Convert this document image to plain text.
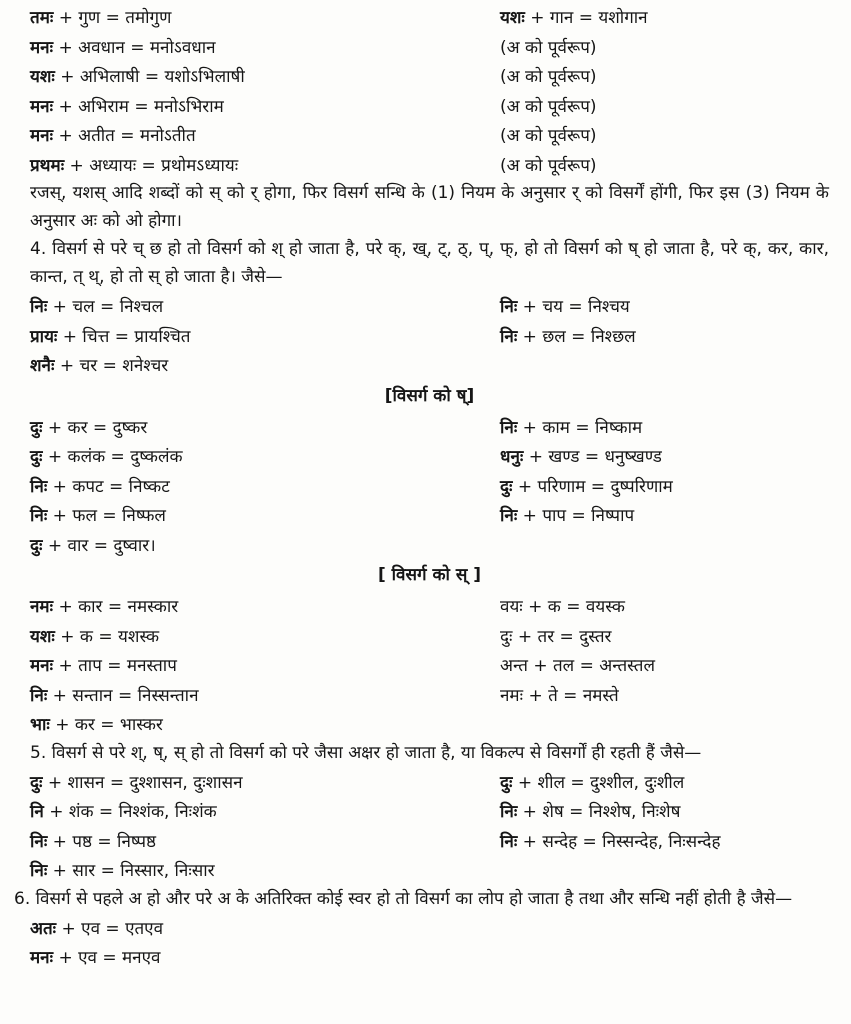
तमः + गुण = तमोगुण	यशः + गान = यशोगान
मनः + अवधान = मनोऽवधान	(अ को पूर्वरूप)
यशः + अभिलाषी = यशोऽभिलाषी	(अ को पूर्वरूप)
मनः + अभिराम = मनोऽभिराम	(अ को पूर्वरूप)
मनः + अतीत = मनोऽतीत	(अ को पूर्वरूप)
प्रथमः + अध्यायः = प्रथोमऽध्यायः	(अ को पूर्वरूप)

रजस्, यशस् आदि शब्दों को स् को र् होगा, फिर विसर्ग सन्धि के (1) नियम के अनुसार र् को विसर्गें होंगी, फिर इस (3) नियम के अनुसार अः को ओ होगा।

4. विसर्ग से परे च् छ हो तो विसर्ग को श् हो जाता है, परे क्, ख्, ट्, ठ्, प्, फ्, हो तो विसर्ग को ष् हो जाता है, परे क्, कर, कार, कान्त, त् थ्, हो तो स् हो जाता है। जैसे—

निः + चल = निश्चल	निः + चय = निश्चय
प्रायः + चित्त = प्रायश्चित	निः + छल = निश्छल
शनैः + चर = शनेश्चर
[विसर्ग को ष्]
दुः + कर = दुष्कर	निः + काम = निष्काम
दुः + कलंक = दुष्कलंक	धनुः + खण्ड = धनुष्खण्ड
निः + कपट = निष्कट	दुः + परिणाम = दुष्परिणाम
निः + फल = निष्फल	निः + पाप = निष्पाप
दुः + वार = दुष्वार।
[ विसर्ग को स् ]
नमः + कार = नमस्कार	वयः + क = वयस्क
यशः + क = यशस्क	दुः + तर = दुस्तर
मनः + ताप = मनस्ताप	अन्त + तल = अन्तस्तल
निः + सन्तान = निस्सन्तान	नमः + ते = नमस्ते
भाः + कर = भास्कर

5. विसर्ग से परे श्, ष्, स् हो तो विसर्ग को परे जैसा अक्षर हो जाता है, या विकल्प से विसर्गों ही रहती हैं जैसे—

दुः + शासन = दुश्शासन, दुःशासन	दुः + शील = दुश्शील, दुःशील
नि + शंक = निश्शंक, निःशंक	निः + शेष = निश्शेष, निःशेष
निः + पष्ठ = निष्पष्ठ	निः + सन्देह = निस्सन्देह, निःसन्देह
निः + सार = निस्सार, निःसार

6. विसर्ग से पहले अ हो और परे अ के अतिरिक्त कोई स्वर हो तो विसर्ग का लोप हो जाता है तथा और सन्धि नहीं होती है जैसे—

अतः + एव = एतएव
मनः + एव = मनएव
